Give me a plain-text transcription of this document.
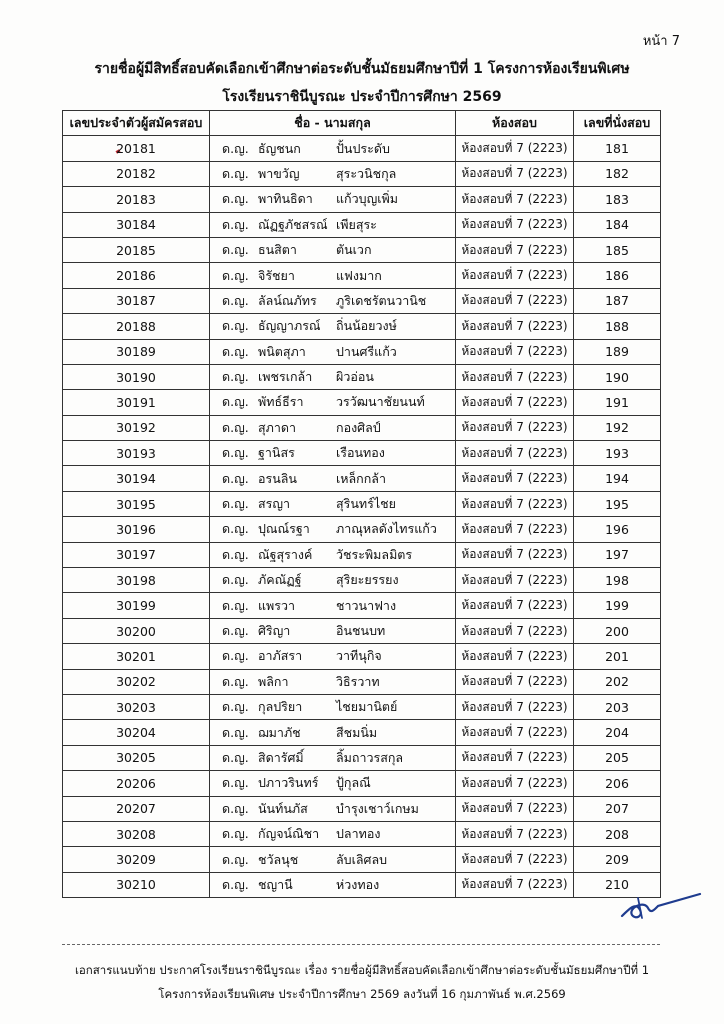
หน้า 7
รายชื่อผู้มีสิทธิ์สอบคัดเลือกเข้าศึกษาต่อระดับชั้นมัธยมศึกษาปีที่ 1 โครงการห้องเรียนพิเศษ
โรงเรียนราชินีบูรณะ ประจำปีการศึกษา 2569
เลขประจำตัวผู้สมัครสอบ	ชื่อ - นามสกุล	ห้องสอบ	เลขที่นั่งสอบ
20181	ด.ญ. ธัญชนก ปั้นประดับ	ห้องสอบที่ 7 (2223)	181
20182	ด.ญ. พาขวัญ สุระวนิชกุล	ห้องสอบที่ 7 (2223)	182
20183	ด.ญ. พาทินธิดา แก้วบุญเพิ่ม	ห้องสอบที่ 7 (2223)	183
30184	ด.ญ. ณัฏฐภัชสรณ์ เพียสุระ	ห้องสอบที่ 7 (2223)	184
20185	ด.ญ. ธนสิตา ตันเวก	ห้องสอบที่ 7 (2223)	185
20186	ด.ญ. จิรัชยา แฟงมาก	ห้องสอบที่ 7 (2223)	186
30187	ด.ญ. ลัลน์ณภัทร ภูริเดชรัตนวานิช	ห้องสอบที่ 7 (2223)	187
20188	ด.ญ. ธัญญาภรณ์ ถิ่นน้อยวงษ์	ห้องสอบที่ 7 (2223)	188
30189	ด.ญ. พนิตสุภา ปานศรีแก้ว	ห้องสอบที่ 7 (2223)	189
30190	ด.ญ. เพชรเกล้า ผิวอ่อน	ห้องสอบที่ 7 (2223)	190
30191	ด.ญ. พัทธ์ธีรา วรวัฒนาชัยนนท์	ห้องสอบที่ 7 (2223)	191
30192	ด.ญ. สุภาดา กองศิลป์	ห้องสอบที่ 7 (2223)	192
30193	ด.ญ. ฐานิสร เรือนทอง	ห้องสอบที่ 7 (2223)	193
30194	ด.ญ. อรนลิน เหล็กกล้า	ห้องสอบที่ 7 (2223)	194
30195	ด.ญ. สรญา สุรินทร์ไชย	ห้องสอบที่ 7 (2223)	195
30196	ด.ญ. ปุณณ์รฐา ภาณุหลดังไทรแก้ว	ห้องสอบที่ 7 (2223)	196
30197	ด.ญ. ณัฐสุรางค์ วัชระพิมลมิตร	ห้องสอบที่ 7 (2223)	197
30198	ด.ญ. ภัคณัฏฐ์ สุริยะยรรยง	ห้องสอบที่ 7 (2223)	198
30199	ด.ญ. แพรวา ชาวนาฟาง	ห้องสอบที่ 7 (2223)	199
30200	ด.ญ. ศิริญา อินชนบท	ห้องสอบที่ 7 (2223)	200
30201	ด.ญ. อาภัสรา วาทีนุกิจ	ห้องสอบที่ 7 (2223)	201
30202	ด.ญ. พลิกา วิธิรวาท	ห้องสอบที่ 7 (2223)	202
30203	ด.ญ. กุลปริยา ไชยมานิตย์	ห้องสอบที่ 7 (2223)	203
30204	ด.ญ. ฌมาภัช สีชมนิ่ม	ห้องสอบที่ 7 (2223)	204
30205	ด.ญ. สิดารัศมิ์ ลิ้มถาวรสกุล	ห้องสอบที่ 7 (2223)	205
20206	ด.ญ. ปภาวรินทร์ ปู้กุลณี	ห้องสอบที่ 7 (2223)	206
20207	ด.ญ. นันท์นภัส บำรุงเชาว์เกษม	ห้องสอบที่ 7 (2223)	207
30208	ด.ญ. กัญจน์ณิชา ปลาทอง	ห้องสอบที่ 7 (2223)	208
30209	ด.ญ. ชวัลนุช ลับเลิศลบ	ห้องสอบที่ 7 (2223)	209
30210	ด.ญ. ชญานี ห่วงทอง	ห้องสอบที่ 7 (2223)	210
เอกสารแนบท้าย ประกาศโรงเรียนราชินีบูรณะ เรื่อง รายชื่อผู้มีสิทธิ์สอบคัดเลือกเข้าศึกษาต่อระดับชั้นมัธยมศึกษาปีที่ 1
โครงการห้องเรียนพิเศษ ประจำปีการศึกษา 2569 ลงวันที่ 16 กุมภาพันธ์ พ.ศ.2569
